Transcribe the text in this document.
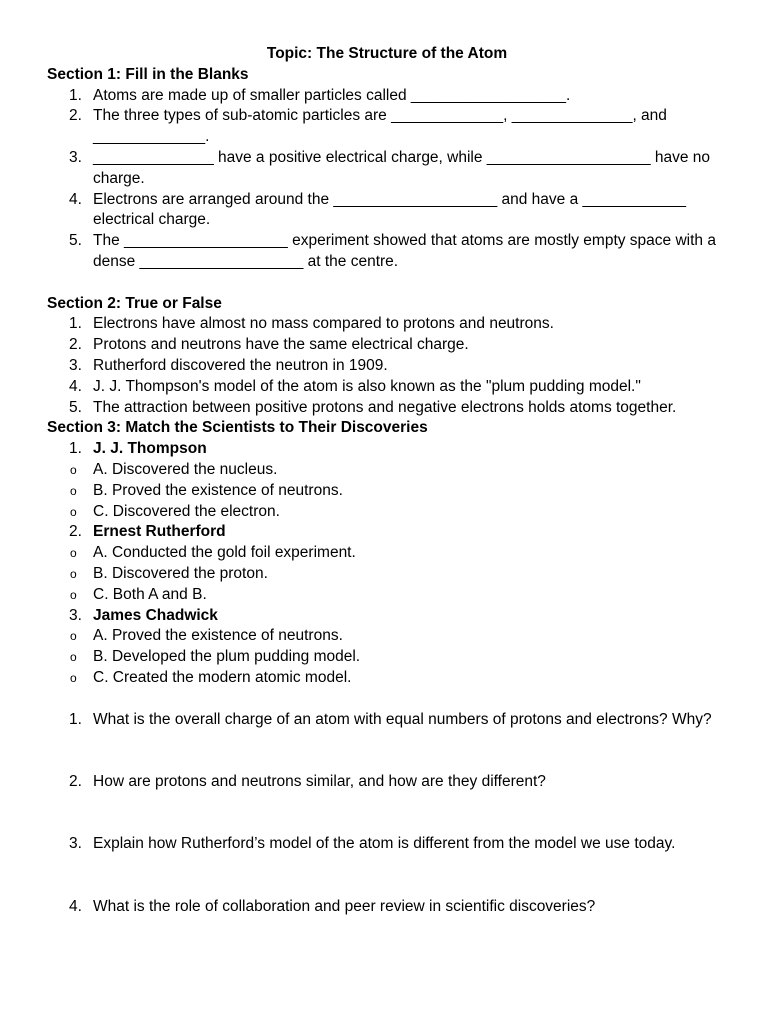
Topic: The Structure of the Atom
Section 1: Fill in the Blanks
1. Atoms are made up of smaller particles called __________________.
2. The three types of sub-atomic particles are _____________, ______________, and _____________.
3. ______________ have a positive electrical charge, while ___________________ have no charge.
4. Electrons are arranged around the ___________________ and have a ____________ electrical charge.
5. The ___________________ experiment showed that atoms are mostly empty space with a dense ___________________ at the centre.
Section 2: True or False
1. Electrons have almost no mass compared to protons and neutrons.
2. Protons and neutrons have the same electrical charge.
3. Rutherford discovered the neutron in 1909.
4. J. J. Thompson's model of the atom is also known as the "plum pudding model."
5. The attraction between positive protons and negative electrons holds atoms together.
Section 3: Match the Scientists to Their Discoveries
1. J. J. Thompson
o A. Discovered the nucleus.
o B. Proved the existence of neutrons.
o C. Discovered the electron.
2. Ernest Rutherford
o A. Conducted the gold foil experiment.
o B. Discovered the proton.
o C. Both A and B.
3. James Chadwick
o A. Proved the existence of neutrons.
o B. Developed the plum pudding model.
o C. Created the modern atomic model.
1. What is the overall charge of an atom with equal numbers of protons and electrons? Why?
2. How are protons and neutrons similar, and how are they different?
3. Explain how Rutherford’s model of the atom is different from the model we use today.
4. What is the role of collaboration and peer review in scientific discoveries?
